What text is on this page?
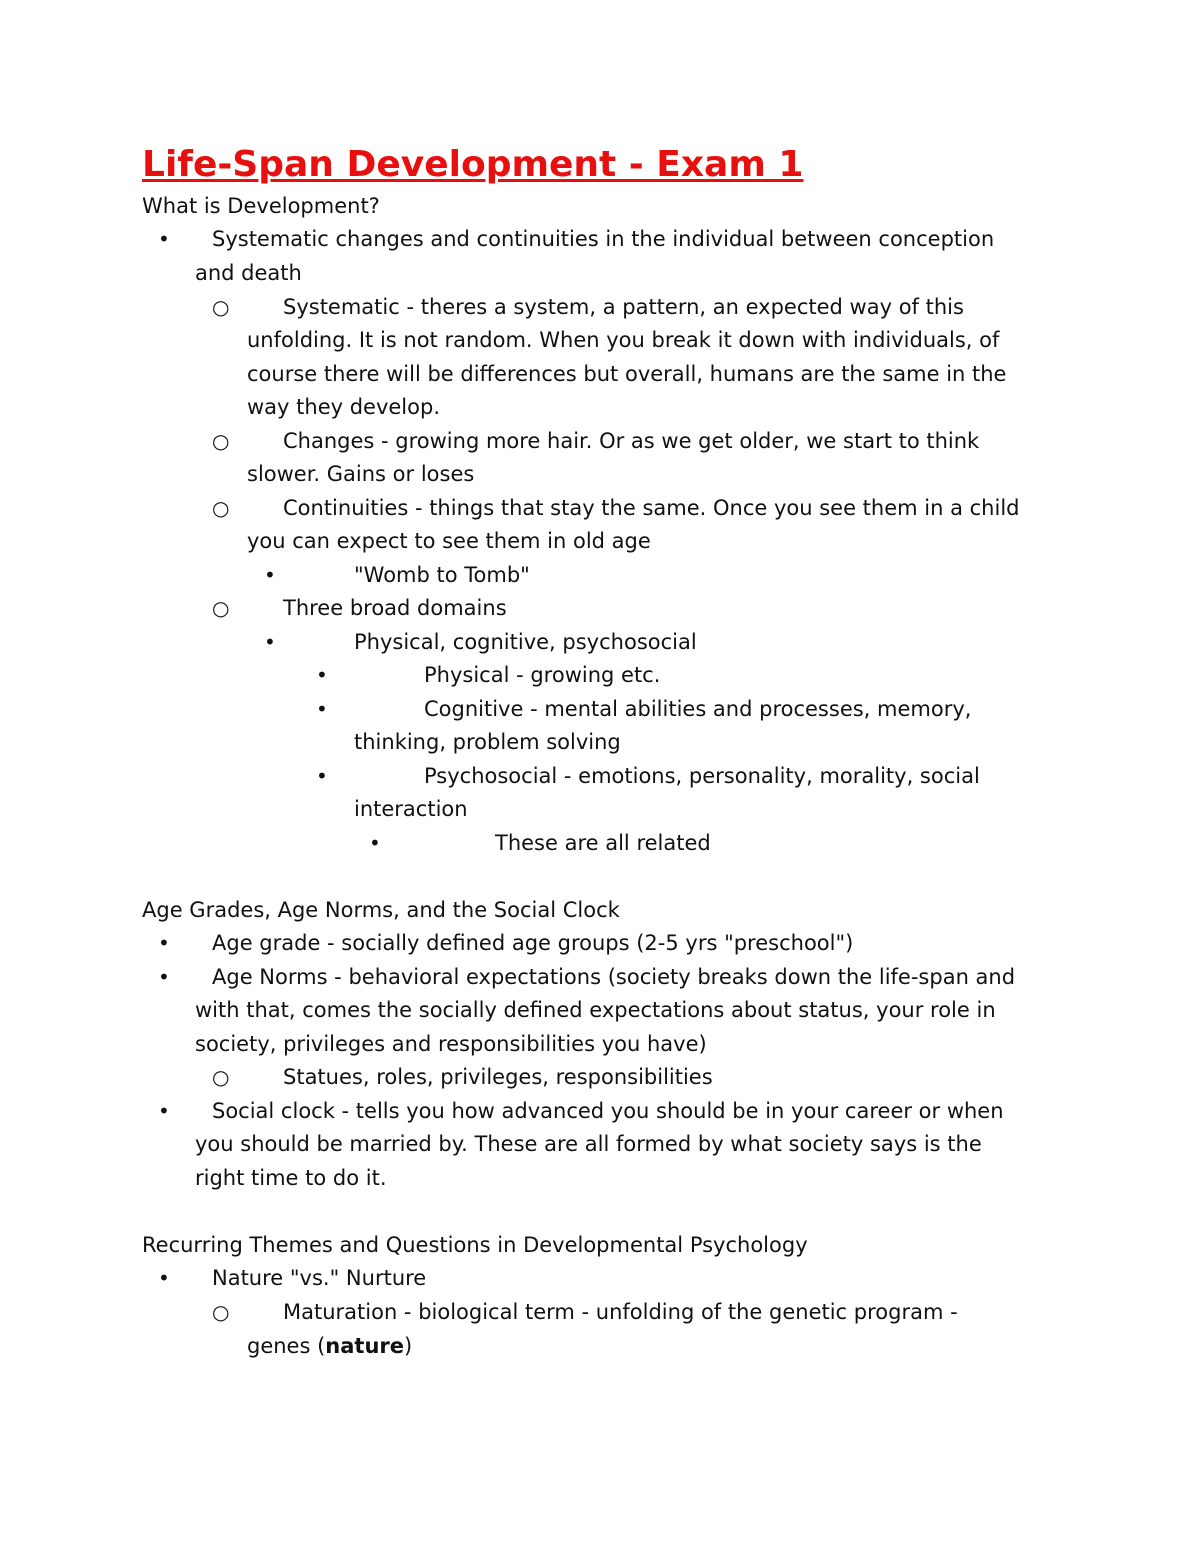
Life-Span Development - Exam 1
What is Development?
• Systematic changes and continuities in the individual between conception
and death
○	Systematic - theres a system, a pattern, an expected way of this
unfolding. It is not random. When you break it down with individuals, of
course there will be differences but overall, humans are the same in the
way they develop.
○	Changes - growing more hair. Or as we get older, we start to think
slower. Gains or loses
○	Continuities - things that stay the same. Once you see them in a child
you can expect to see them in old age
•	"Womb to Tomb"
○	Three broad domains
•	Physical, cognitive, psychosocial
•	Physical - growing etc.
•	Cognitive - mental abilities and processes, memory,
thinking, problem solving
•	Psychosocial - emotions, personality, morality, social
interaction
•	These are all related
Age Grades, Age Norms, and the Social Clock
• Age grade - socially defined age groups (2-5 yrs "preschool")
• Age Norms - behavioral expectations (society breaks down the life-span and
with that, comes the socially defined expectations about status, your role in
society, privileges and responsibilities you have)
○	Statues, roles, privileges, responsibilities
• Social clock - tells you how advanced you should be in your career or when
you should be married by. These are all formed by what society says is the
right time to do it.
Recurring Themes and Questions in Developmental Psychology
• Nature "vs." Nurture
○	Maturation - biological term - unfolding of the genetic program -
genes (nature)
